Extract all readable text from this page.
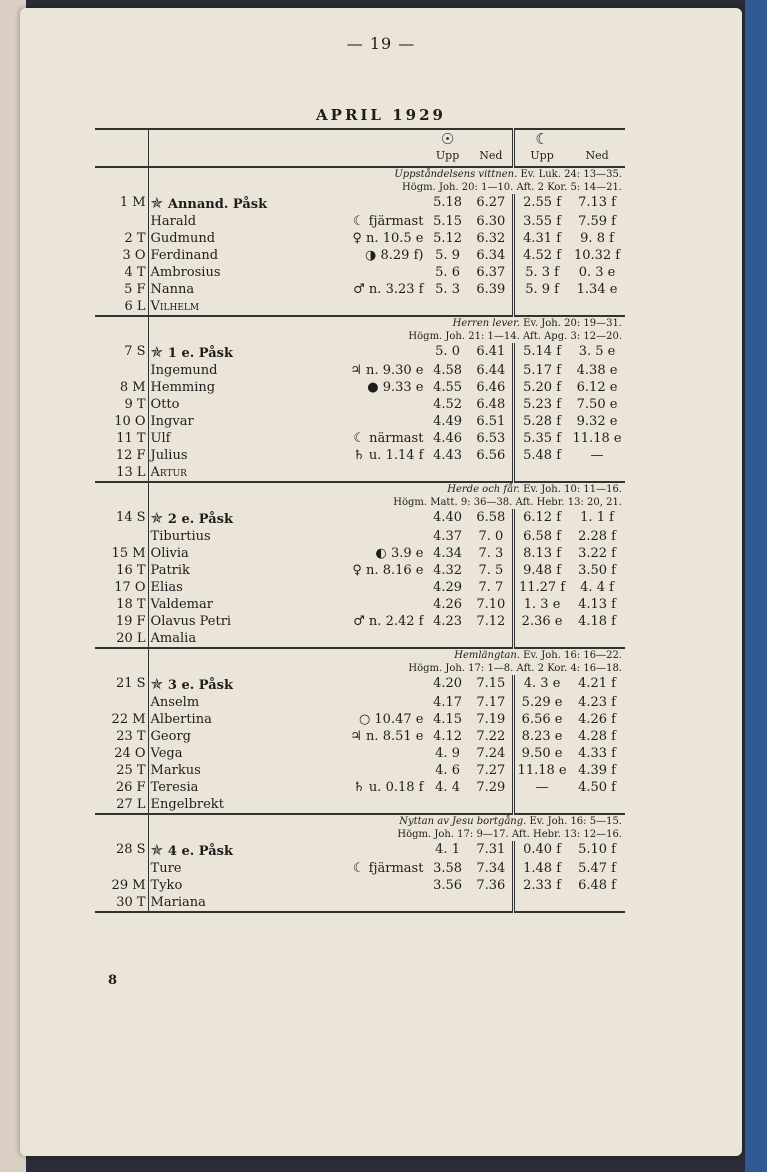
— 19 —
APRIL 1929

			☉
Upp	Ned	☾
Upp	Ned
	Uppståndelsens vittnen. Ev. Luk. 24: 13—35.
Högm. Joh. 20: 1—10. Aft. 2 Kor. 5: 14—21.					
1 M	✯ Annand. Påsk		5.18	6.27	2.55 f	7.13 f
	Harald	☾ fjärmast	5.15	6.30	3.55 f	7.59 f
2 T	Gudmund	♀ n. 10.5 e	5.12	6.32	4.31 f	9. 8 f
3 O	Ferdinand	◑ 8.29 f)	5. 9	6.34	4.52 f	10.32 f
4 T	Ambrosius		5. 6	6.37	5. 3 f	0. 3 e
5 F	Nanna	♂ n. 3.23 f	5. 3	6.39	5. 9 f	1.34 e
6 L	Vilhelm					
	Herren lever. Ev. Joh. 20: 19—31.
Högm. Joh. 21: 1—14. Aft. Apg. 3: 12—20.					
7 S	✯ 1 e. Påsk		5. 0	6.41	5.14 f	3. 5 e
	Ingemund	♃ n. 9.30 e	4.58	6.44	5.17 f	4.38 e
8 M	Hemming	● 9.33 e	4.55	6.46	5.20 f	6.12 e
9 T	Otto		4.52	6.48	5.23 f	7.50 e
10 O	Ingvar		4.49	6.51	5.28 f	9.32 e
11 T	Ulf	☾ närmast	4.46	6.53	5.35 f	11.18 e
12 F	Julius	♄ u. 1.14 f	4.43	6.56	5.48 f	—
13 L	Artur					
	Herde och får. Ev. Joh. 10: 11—16.
Högm. Matt. 9: 36—38. Aft. Hebr. 13: 20, 21.					
14 S	✯ 2 e. Påsk		4.40	6.58	6.12 f	1. 1 f
	Tiburtius		4.37	7. 0	6.58 f	2.28 f
15 M	Olivia	◐ 3.9 e	4.34	7. 3	8.13 f	3.22 f
16 T	Patrik	♀ n. 8.16 e	4.32	7. 5	9.48 f	3.50 f
17 O	Elias		4.29	7. 7	11.27 f	4. 4 f
18 T	Valdemar		4.26	7.10	1. 3 e	4.13 f
19 F	Olavus Petri	♂ n. 2.42 f	4.23	7.12	2.36 e	4.18 f
20 L	Amalia					
	Hemlängtan. Ev. Joh. 16: 16—22.
Högm. Joh. 17: 1—8. Aft. 2 Kor. 4: 16—18.					
21 S	✯ 3 e. Påsk		4.20	7.15	4. 3 e	4.21 f
	Anselm		4.17	7.17	5.29 e	4.23 f
22 M	Albertina	○ 10.47 e	4.15	7.19	6.56 e	4.26 f
23 T	Georg	♃ n. 8.51 e	4.12	7.22	8.23 e	4.28 f
24 O	Vega		4. 9	7.24	9.50 e	4.33 f
25 T	Markus		4. 6	7.27	11.18 e	4.39 f
26 F	Teresia	♄ u. 0.18 f	4. 4	7.29	—	4.50 f
27 L	Engelbrekt					
	Nyttan av Jesu bortgång. Ev. Joh. 16: 5—15.
Högm. Joh. 17: 9—17. Aft. Hebr. 13: 12—16.					
28 S	✯ 4 e. Påsk		4. 1	7.31	0.40 f	5.10 f
	Ture	☾ fjärmast	3.58	7.34	1.48 f	5.47 f
29 M	Tyko		3.56	7.36	2.33 f	6.48 f
30 T	Mariana					
8
